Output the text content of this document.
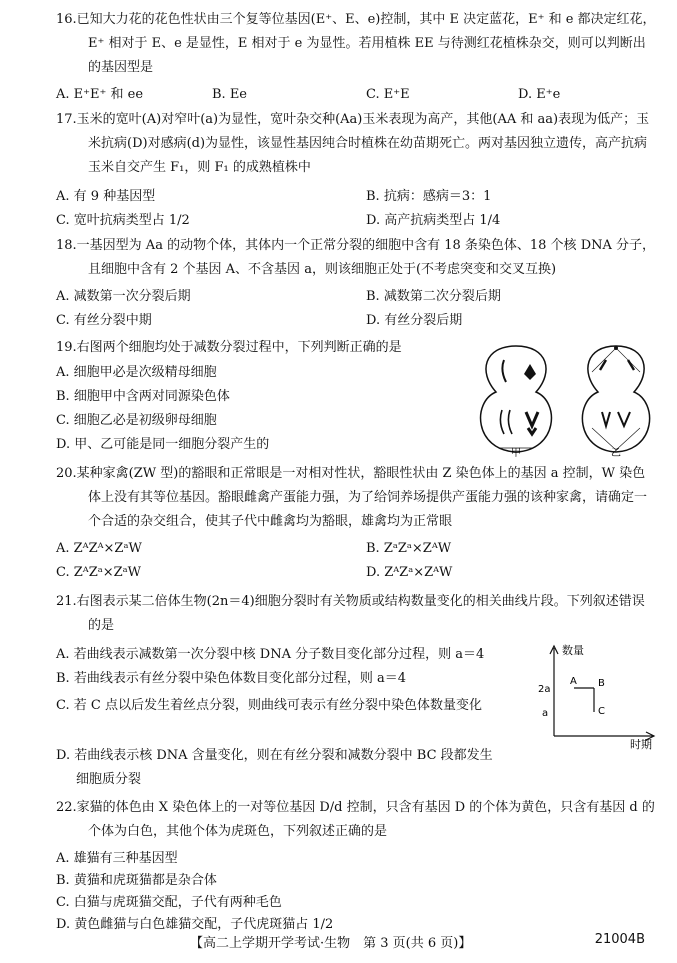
16.已知大力花的花色性状由三个复等位基因(E⁺、E、e)控制，其中 E 决定蓝花，E⁺ 和 e 都决定红花，E⁺ 相对于 E、e 是显性，E 相对于 e 为显性。若用植株 EE 与待测红花植株杂交，则可以判断出的基因型是

A. E⁺E⁺ 和 ee	B. Ee	C. E⁺E	D. E⁺e

17.玉米的宽叶(A)对窄叶(a)为显性，宽叶杂交种(Aa)玉米表现为高产，其他(AA 和 aa)表现为低产；玉米抗病(D)对感病(d)为显性，该显性基因纯合时植株在幼苗期死亡。两对基因独立遗传，高产抗病玉米自交产生 F₁，则 F₁ 的成熟植株中

A. 有 9 种基因型	B. 抗病：感病＝3：1
C. 宽叶抗病类型占 1/2	D. 高产抗病类型占 1/4

18.一基因型为 Aa 的动物个体，其体内一个正常分裂的细胞中含有 18 条染色体、18 个核 DNA 分子，且细胞中含有 2 个基因 A、不含基因 a，则该细胞正处于(不考虑突变和交叉互换)

A. 减数第一次分裂后期	B. 减数第二次分裂后期
C. 有丝分裂中期	D. 有丝分裂后期

19.右图两个细胞均处于减数分裂过程中，下列判断正确的是

A. 细胞甲必是次级精母细胞
B. 细胞甲中含两对同源染色体
C. 细胞乙必是初级卵母细胞
D. 甲、乙可能是同一细胞分裂产生的
甲	乙

20.某种家禽(ZW 型)的豁眼和正常眼是一对相对性状，豁眼性状由 Z 染色体上的基因 a 控制，W 染色体上没有其等位基因。豁眼雌禽产蛋能力强，为了给饲养场提供产蛋能力强的该种家禽，请确定一个合适的杂交组合，使其子代中雌禽均为豁眼，雄禽均为正常眼

A. ZᴬZᴬ×ZᵃW	B. ZᵃZᵃ×ZᴬW
C. ZᴬZᵃ×ZᵃW	D. ZᴬZᵃ×ZᴬW

21.右图表示某二倍体生物(2n＝4)细胞分裂时有关物质或结构数量变化的相关曲线片段。下列叙述错误的是

A. 若曲线表示减数第一次分裂中核 DNA 分子数目变化部分过程，则 a＝4
B. 若曲线表示有丝分裂中染色体数目变化部分过程，则 a＝4
C. 若 C 点以后发生着丝点分裂，则曲线可表示有丝分裂中染色体数量变化
D. 若曲线表示核 DNA 含量变化，则在有丝分裂和减数分裂中 BC 段都发生细胞质分裂
数量
时期
2a
a
A B
C

22.家猫的体色由 X 染色体上的一对等位基因 D/d 控制，只含有基因 D 的个体为黄色，只含有基因 d 的个体为白色，其他个体为虎斑色，下列叙述正确的是

A. 雄猫有三种基因型
B. 黄猫和虎斑猫都是杂合体
C. 白猫与虎斑猫交配，子代有两种毛色
D. 黄色雌猫与白色雄猫交配，子代虎斑猫占 1/2
【高二上学期开学考试·生物　第 3 页(共 6 页)】	21004B
